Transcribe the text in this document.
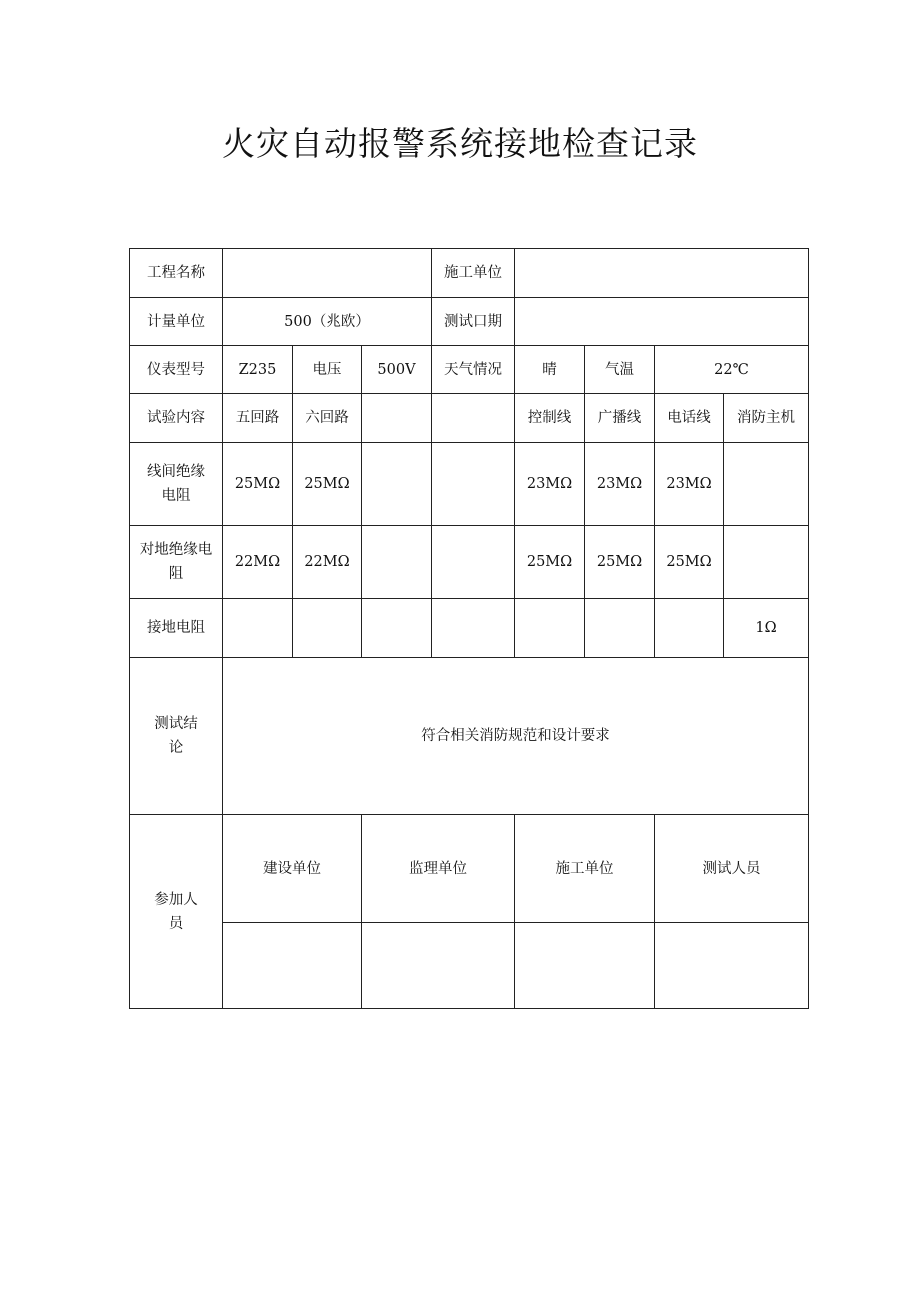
火灾自动报警系统接地检查记录
工程名称				施工单位				
计量单位	500（兆欧）			测试口期				
仪表型号	Z235	电压	500V	天气情况	晴	气温	22℃	
试验内容	五回路	六回路			控制线	广播线	电话线	消防主机

线间绝缘
电阻	25MΩ	25MΩ			23MΩ	23MΩ	23MΩ	

对地绝缘电
阻	22MΩ	22MΩ			25MΩ	25MΩ	25MΩ	
接地电阻								1Ω

测试结
论	符合相关消防规范和设计要求							

参加人
员	建设单位		监理单位		施工单位		测试人员	
